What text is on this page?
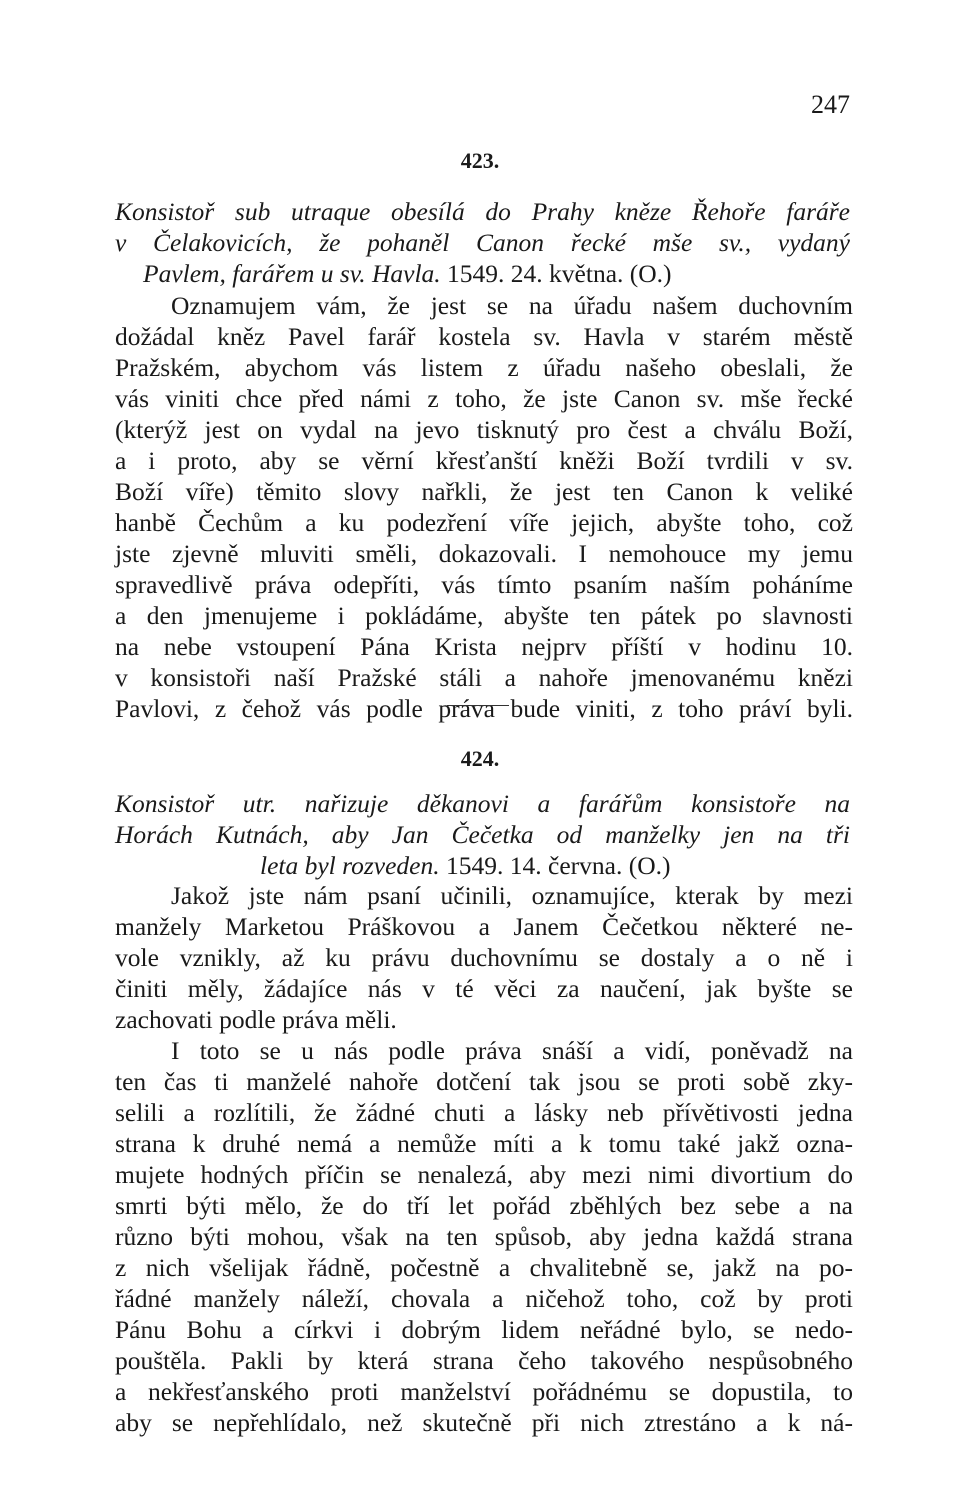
247
423.
Konsistoř sub utraque obesílá do Prahy kněze Řehoře faráře
v Čelakovicích, že pohaněl Canon řecké mše sv., vydaný
Pavlem, farářem u sv. Havla. 1549. 24. května. (O.)
Oznamujem vám, že jest se na úřadu našem duchovním
dožádal kněz Pavel farář kostela sv. Havla v starém městě
Pražském, abychom vás listem z úřadu našeho obeslali, že
vás viniti chce před námi z toho, že jste Canon sv. mše řecké
(kterýž jest on vydal na jevo tisknutý pro čest a chválu Boží,
a i proto, aby se věrní křesťanští kněži Boží tvrdili v sv.
Boží víře) těmito slovy nařkli, že jest ten Canon k veliké
hanbě Čechům a ku podezření víře jejich, abyšte toho, což
jste zjevně mluviti směli, dokazovali. I nemohouce my jemu
spravedlivě práva odepříti, vás tímto psaním naším poháníme
a den jmenujeme i pokládáme, abyšte ten pátek po slavnosti
na nebe vstoupení Pána Krista nejprv příští v hodinu 10.
v konsistoři naší Pražské stáli a nahoře jmenovanému knězi
Pavlovi, z čehož vás podle práva bude viniti, z toho práví byli.
424.
Konsistoř utr. nařizuje děkanovi a farářům konsistoře na
Horách Kutnách, aby Jan Čečetka od manželky jen na tři
leta byl rozveden. 1549. 14. června. (O.)
Jakož jste nám psaní učinili, oznamujíce, kterak by mezi
manžely Marketou Práškovou a Janem Čečetkou některé ne-
vole vznikly, až ku právu duchovnímu se dostaly a o ně i
činiti měly, žádajíce nás v té věci za naučení, jak byšte se
zachovati podle práva měli.
I toto se u nás podle práva snáší a vidí, poněvadž na
ten čas ti manželé nahoře dotčení tak jsou se proti sobě zky-
selili a rozlítili, že žádné chuti a lásky neb přívětivosti jedna
strana k druhé nemá a nemůže míti a k tomu také jakž ozna-
mujete hodných příčin se nenalezá, aby mezi nimi divortium do
smrti býti mělo, že do tří let pořád zběhlých bez sebe a na
různo býti mohou, však na ten spůsob, aby jedna každá strana
z nich všelijak řádně, počestně a chvalitebně se, jakž na po-
řádné manžely náleží, chovala a ničehož toho, což by proti
Pánu Bohu a církvi i dobrým lidem neřádné bylo, se nedo-
pouštěla. Pakli by která strana čeho takového nespůsobného
a nekřesťanského proti manželství pořádnému se dopustila, to
aby se nepřehlídalo, než skutečně při nich ztrestáno a k ná-
